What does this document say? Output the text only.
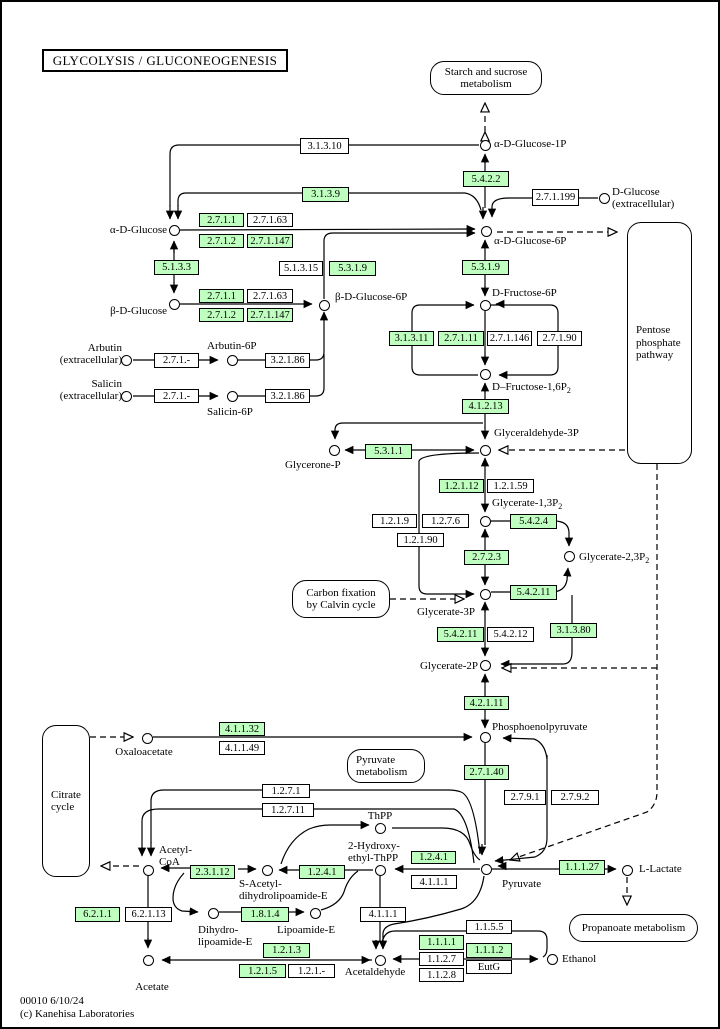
GLYCOLYSIS / GLUCONEOGENESIS
00010 6/10/24
(c) Kanehisa Laboratories
Starch and sucrose
metabolism
Pentose
phosphate
pathway
Carbon fixation
by Calvin cycle
Pyruvate
metabolism
Citrate
cycle
Propanoate metabolism
3.1.3.10
3.1.3.9
5.4.2.2
2.7.1.199
2.7.1.1	2.7.1.63
2.7.1.2	2.7.1.147
5.1.3.3	5.1.3.15	5.3.1.9	5.3.1.9
2.7.1.1	2.7.1.63
2.7.1.2	2.7.1.147
3.1.3.11	2.7.1.11	2.7.1.146	2.7.1.90
2.7.1.-	3.2.1.86
2.7.1.-	3.2.1.86
4.1.2.13
5.3.1.1
1.2.1.12	1.2.1.59
1.2.1.9	1.2.7.6	5.4.2.4
1.2.1.90
2.7.2.3
5.4.2.11
5.4.2.11	5.4.2.12	3.1.3.80
4.2.1.11
4.1.1.32
4.1.1.49
2.7.1.40
1.2.7.1
1.2.7.11
2.7.9.1	2.7.9.2
2.3.1.12	1.2.4.1
1.2.4.1
4.1.1.1
1.1.1.27
6.2.1.1	6.2.1.13	1.8.1.4	4.1.1.1
1.2.1.3
1.2.1.5	1.2.1.-
1.1.5.5
1.1.1.1
1.1.1.2
1.1.2.7
EutG
1.1.2.8
α-D-Glucose-1P
D-Glucose
(extracellular)
α-D-Glucose
α-D-Glucose-6P
β-D-Glucose
β-D-Glucose-6P	D-Fructose-6P
Arbutin
(extracellular)
Arbutin-6P
Salicin
(extracellular)
Salicin-6P
$D-Fructose-1,6P_2$
Glyceraldehyde-3P
Glycerone-P
Glycerate-$1,3P_2$
Glycerate-$2,3P_2$
Glycerate-3P
Glycerate-2P
Phosphoenolpyruvate
Oxaloacetate
ThPP
2-Hydroxy-
ethyl-ThPP
Pyruvate
L-Lactate
Acetyl-
CoA
S-Acetyl-
dihydrolipoamide-E
Dihydro-
lipoamide-E
Lipoamide-E
Acetate
Acetaldehyde
Ethanol
